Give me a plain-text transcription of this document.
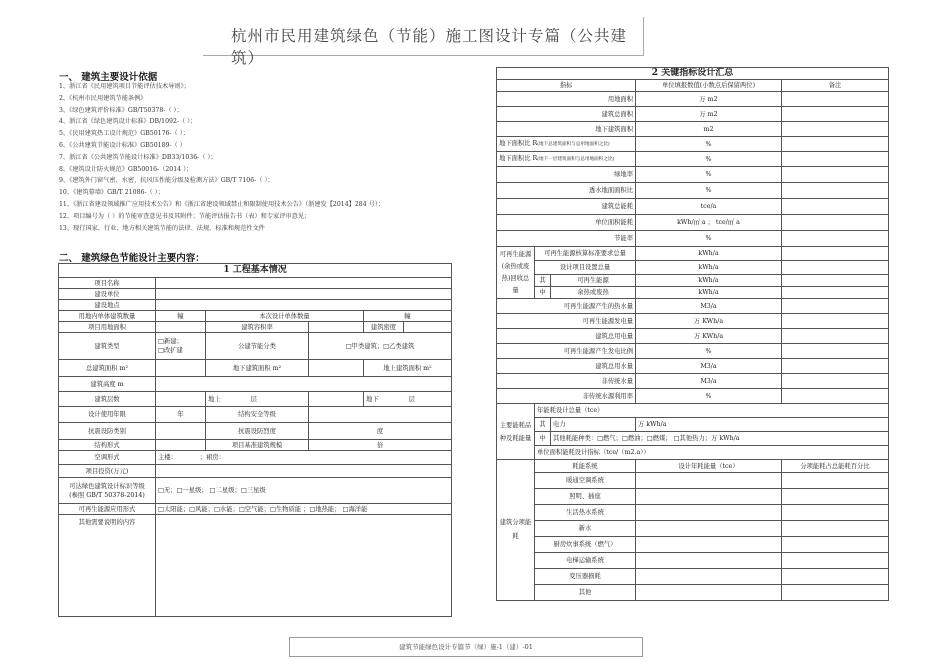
杭州市民用建筑绿色（节能）施工图设计专篇（公共建筑）
一、 建筑主要设计依据
1、浙江省《民用建筑项目节能评估技术导则》；
2、《杭州市民用建筑节能条例》
3、《绿色建筑评价标准》GB/T50378-（ ）；
4、浙江省《绿色建筑设计标准》DB/1092-（ ）；
5、《民用建筑热工设计规范》GB50176-（ ）；
6、《公共建筑节能设计标准》GB50189-（ ）
7、浙江省《公共建筑节能设计标准》DB33/1036-（ ）；
8、《建筑设计防火规范》GB50016-（2014 ）；
9、《建筑外门窗气密、水密、抗风压性能分级及检测方法》GB/T 7106-（ ）；
10、《建筑幕墙》GB/T 21086-（ ）；
11、《浙江省建设领域推广应用技术公告》和《浙江省建设领域禁止和限制使用技术公告》（浙建发【2014】284 号）；
12、项目编号为（ ）的节能审查意见书及其附件；节能评估报告书（表）和专家评审意见；
13、现行国家、行业、地方相关建筑节能的法律、法规、标准和规范性文件
二、 建筑绿色节能设计主要内容：
1 工程基本情况					
项目名称					
建设单位					
建设地点					
用地内单体建筑数量	幢	本次设计单体数量		幢	
项目用地面积		建筑容积率		建筑密度	
建筑类型	□新建；
□改扩建	公建节能分类	□甲类建筑；□乙类建筑		
总建筑面积 m²		地下建筑面积 m²		地上建筑面积 m²	
建筑高度 m					
建筑层数		地上 层		地下 层	
设计使用年限	年	结构安全等级			
抗震设防类别		抗震设防烈度	度		
结构形式		项目基准建筑规模	倍		
空调形式	主楼： ；裙房：				
项目投资(万元)					

可达绿色建筑设计标识等级
(参照 GB/T 50378-2014)	□无；□一星级； □二星级；□三星级				
可再生能源应用形式	□太阳能；□风能；□水能；□空气能；□生物质能 ；□地热能； □海洋能				
其他需要说明的内容					
2 关键指标设计汇总				
指标			单位填报数值(小数点后保留两位)	备注
用地面积			万 m2	
建筑总面积			万 m2	
地下建筑面积			m2	
地下面积比 R(地下总建筑面积与总用地面积之比)			%	
地下面积比 R(地下一层建筑面积与总用地面积之比)			%	
绿地率			%	
透水地面面积比			%	
建筑总能耗			tce/a	
单位面积能耗			kWh/㎡ a ； tce/㎡ a	
节能率			%	
可再生能源(余热或废热)回收总量	可再生能源核算标准要求总量		kWh/a	
	设计项目设置总量		kWh/a	
	其	可再生能源	kWh/a	
	中	余热或废热	kWh/a	
可再生能源产生的热水量			M3/a	
可再生能源发电量			万 KWh/a	
建筑总用电量			万 KWh/a	
可再生能源产生发电比例			%	
建筑总用水量			M3/a	
非传统水量			M3/a	
非传统水源利用率			%	
主要能耗品种及耗能量	年能耗设计总量（tce）			
	其	电力	万 kWh/a	
	中	其他耗能种类：□燃气；□燃油；□燃煤； □其他热力；万 kWh/a		
	单位面积能耗设计指标（tce/（m2.a））			
建筑分项能耗	耗能系统		设计年耗能量（tce）	分项能耗占总能耗百分比
	暖通空调系统			
	照明、插座			
	生活热水系统			
	新水			
	厨房炊事系统（燃气）			
	电梯运输系统			
	变压器损耗			
	其他			
建筑节能绿色设计专篇节（绿）施-1（建）-01
